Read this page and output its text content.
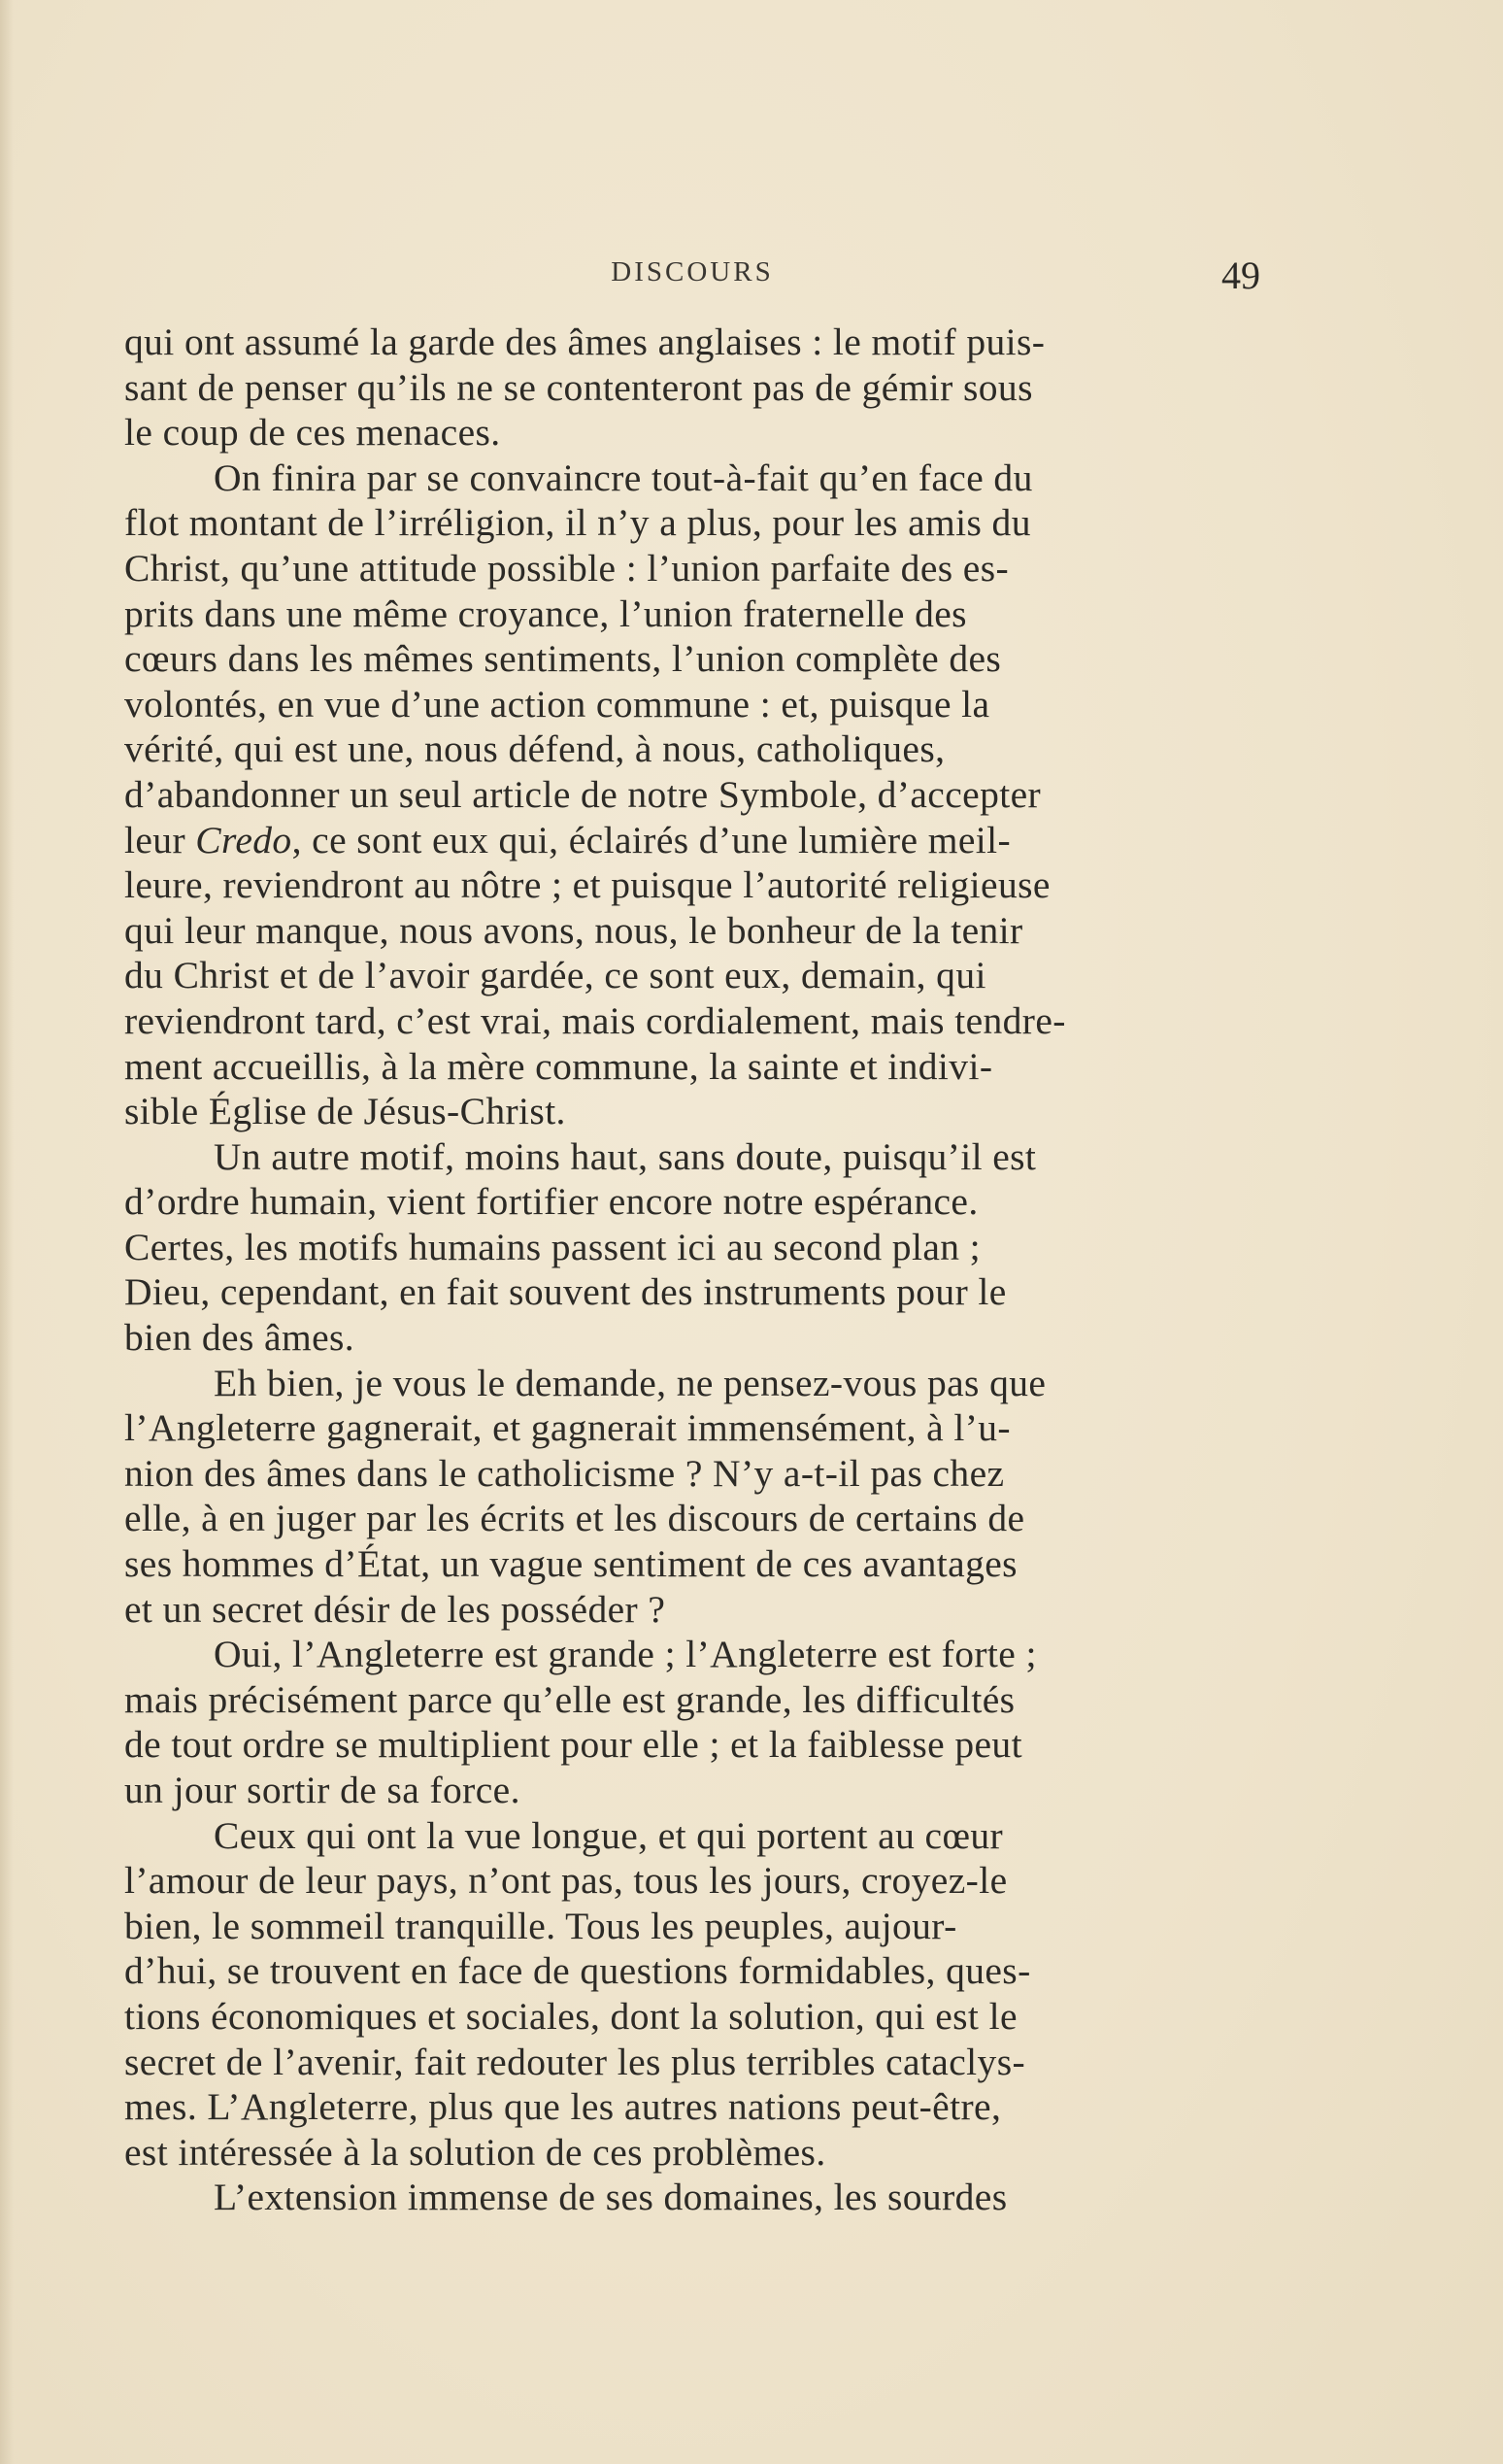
DISCOURS	49
qui ont assumé la garde des âmes anglaises : le motif puis-
sant de penser qu’ils ne se contenteront pas de gémir sous
le coup de ces menaces.
On finira par se convaincre tout-à-fait qu’en face du
flot montant de l’irréligion, il n’y a plus, pour les amis du
Christ, qu’une attitude possible : l’union parfaite des es-
prits dans une même croyance, l’union fraternelle des
cœurs dans les mêmes sentiments, l’union complète des
volontés, en vue d’une action commune : et, puisque la
vérité, qui est une, nous défend, à nous, catholiques,
d’abandonner un seul article de notre Symbole, d’accepter
leur Credo, ce sont eux qui, éclairés d’une lumière meil-
leure, reviendront au nôtre ; et puisque l’autorité religieuse
qui leur manque, nous avons, nous, le bonheur de la tenir
du Christ et de l’avoir gardée, ce sont eux, demain, qui
reviendront tard, c’est vrai, mais cordialement, mais tendre-
ment accueillis, à la mère commune, la sainte et indivi-
sible Église de Jésus-Christ.
Un autre motif, moins haut, sans doute, puisqu’il est
d’ordre humain, vient fortifier encore notre espérance.
Certes, les motifs humains passent ici au second plan ;
Dieu, cependant, en fait souvent des instruments pour le
bien des âmes.
Eh bien, je vous le demande, ne pensez-vous pas que
l’Angleterre gagnerait, et gagnerait immensément, à l’u-
nion des âmes dans le catholicisme ? N’y a-t-il pas chez
elle, à en juger par les écrits et les discours de certains de
ses hommes d’État, un vague sentiment de ces avantages
et un secret désir de les posséder ?
Oui, l’Angleterre est grande ; l’Angleterre est forte ;
mais précisément parce qu’elle est grande, les difficultés
de tout ordre se multiplient pour elle ; et la faiblesse peut
un jour sortir de sa force.
Ceux qui ont la vue longue, et qui portent au cœur
l’amour de leur pays, n’ont pas, tous les jours, croyez-le
bien, le sommeil tranquille. Tous les peuples, aujour-
d’hui, se trouvent en face de questions formidables, ques-
tions économiques et sociales, dont la solution, qui est le
secret de l’avenir, fait redouter les plus terribles cataclys-
mes. L’Angleterre, plus que les autres nations peut-être,
est intéressée à la solution de ces problèmes.
L’extension immense de ses domaines, les sourdes
